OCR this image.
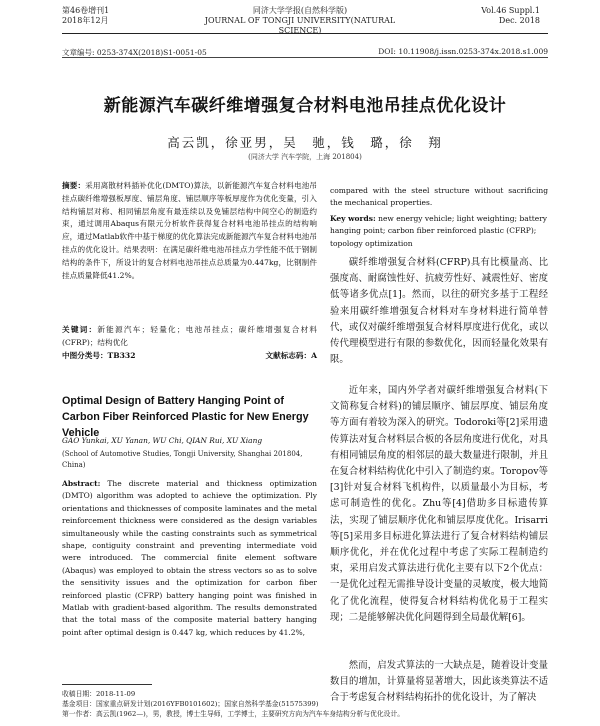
第46卷增刊1
2018年12月
同济大学学报(自然科学版)
JOURNAL OF TONGJI UNIVERSITY(NATURAL SCIENCE)
Vol.46 Suppl.1
Dec. 2018
文章编号: 0253-374X(2018)S1-0051-05	DOI: 10.11908/j.issn.0253-374x.2018.s1.009
新能源汽车碳纤维增强复合材料电池吊挂点优化设计
高云凯，徐亚男，吴　驰，钱　璐，徐　翔
(同济大学 汽车学院，上海 201804)
摘要：采用离散材料插补优化(DMTO)算法，以新能源汽车复合材料电池吊挂点碳纤维增强板厚度、铺层角度、铺层顺序等板厚度作为优化变量，引入结构铺层对称、相同铺层角度有最连续以及免铺层结构中间空心的制造约束，通过调用Abaqus有限元分析软件获得复合材料电池吊挂点的结构响应，通过Matlab软件中基于梯度的优化算法完成新能源汽车复合材料电池吊挂点的优化设计。结果表明：在满足碳纤维电池吊挂点力学性能不低于钢制结构的条件下，所设计的复合材料电池吊挂点总质量为0.447kg，比钢制件挂点质量降低41.2%。
关键词：新能源汽车；轻量化；电池吊挂点；碳纤维增强复合材料(CFRP)；结构优化
中图分类号：TB332	文献标志码：A
Optimal Design of Battery Hanging Point of Carbon Fiber Reinforced Plastic for New Energy Vehicle
GAO Yunkai, XU Yanan, WU Chi, QIAN Rui, XU Xiang
(School of Automotive Studies, Tongji University, Shanghai 201804, China)
Abstract: The discrete material and thickness optimization (DMTO) algorithm was adopted to achieve the optimization. Ply orientations and thicknesses of composite laminates and the metal reinforcement thickness were considered as the design variables simultaneously while the casting constraints such as symmetrical shape, contiguity constraint and preventing intermediate void were introduced. The commercial finite element software (Abaqus) was employed to obtain the stress vectors so as to solve the sensitivity issues and the optimization for carbon fiber reinforced plastic (CFRP) battery hanging point was finished in Matlab with gradient-based algorithm. The results demonstrated that the total mass of the composite material battery hanging point after optimal design is 0.447 kg, which reduces by 41.2%,
compared with the steel structure without sacrificing the mechanical properties.
Key words: new energy vehicle; light weighting; battery hanging point; carbon fiber reinforced plastic (CFRP); topology optimization
碳纤维增强复合材料(CFRP)具有比模量高、比强度高、耐腐蚀性好、抗疲劳性好、减震性好、密度低等诸多优点[1]。然而，以往的研究多基于工程经验来用碳纤维增强复合材料对车身材料进行简单替代，或仅对碳纤维增强复合材料厚度进行优化，或以传代理模型进行有限的参数优化，因而轻量化效果有限。
近年来，国内外学者对碳纤维增强复合材料(下文简称复合材料)的铺层顺序、铺层厚度、铺层角度等方面有着较为深入的研究。Todoroki等[2]采用遗传算法对复合材料层合板的各层角度进行优化，对具有相同铺层角度的相邻层的最大数量进行限制，并且在复合材料结构优化中引入了制造约束。Toropov等[3]针对复合材料飞机构件，以质量最小为目标，考虑可制造性的优化。Zhu等[4]借助多目标遗传算法，实现了铺层顺序优化和铺层厚度优化。Irisarri等[5]采用多目标进化算法进行了复合材料结构铺层顺序优化，并在优化过程中考虑了实际工程制造约束，采用启发式算法进行优化主要有以下2个优点：一是优化过程无需推导设计变量的灵敏度，极大地简化了优化流程，使得复合材料结构优化易于工程实现；二是能够解决优化问题得到全局最优解[6]。
然而，启发式算法的一大缺点是，随着设计变量数目的增加，计算量将显著增大，因此该类算法不适合于考虑复合材料结构拓扑的优化设计，为了解决
收稿日期：2018-11-09
基金项目：国家重点研发计划(2016YFB0101602)；国家自然科学基金(51575399)
第一作者：高云凯(1962—)，男，教授，博士生导师，工学博士，主要研究方向为汽车车身结构分析与优化设计。
